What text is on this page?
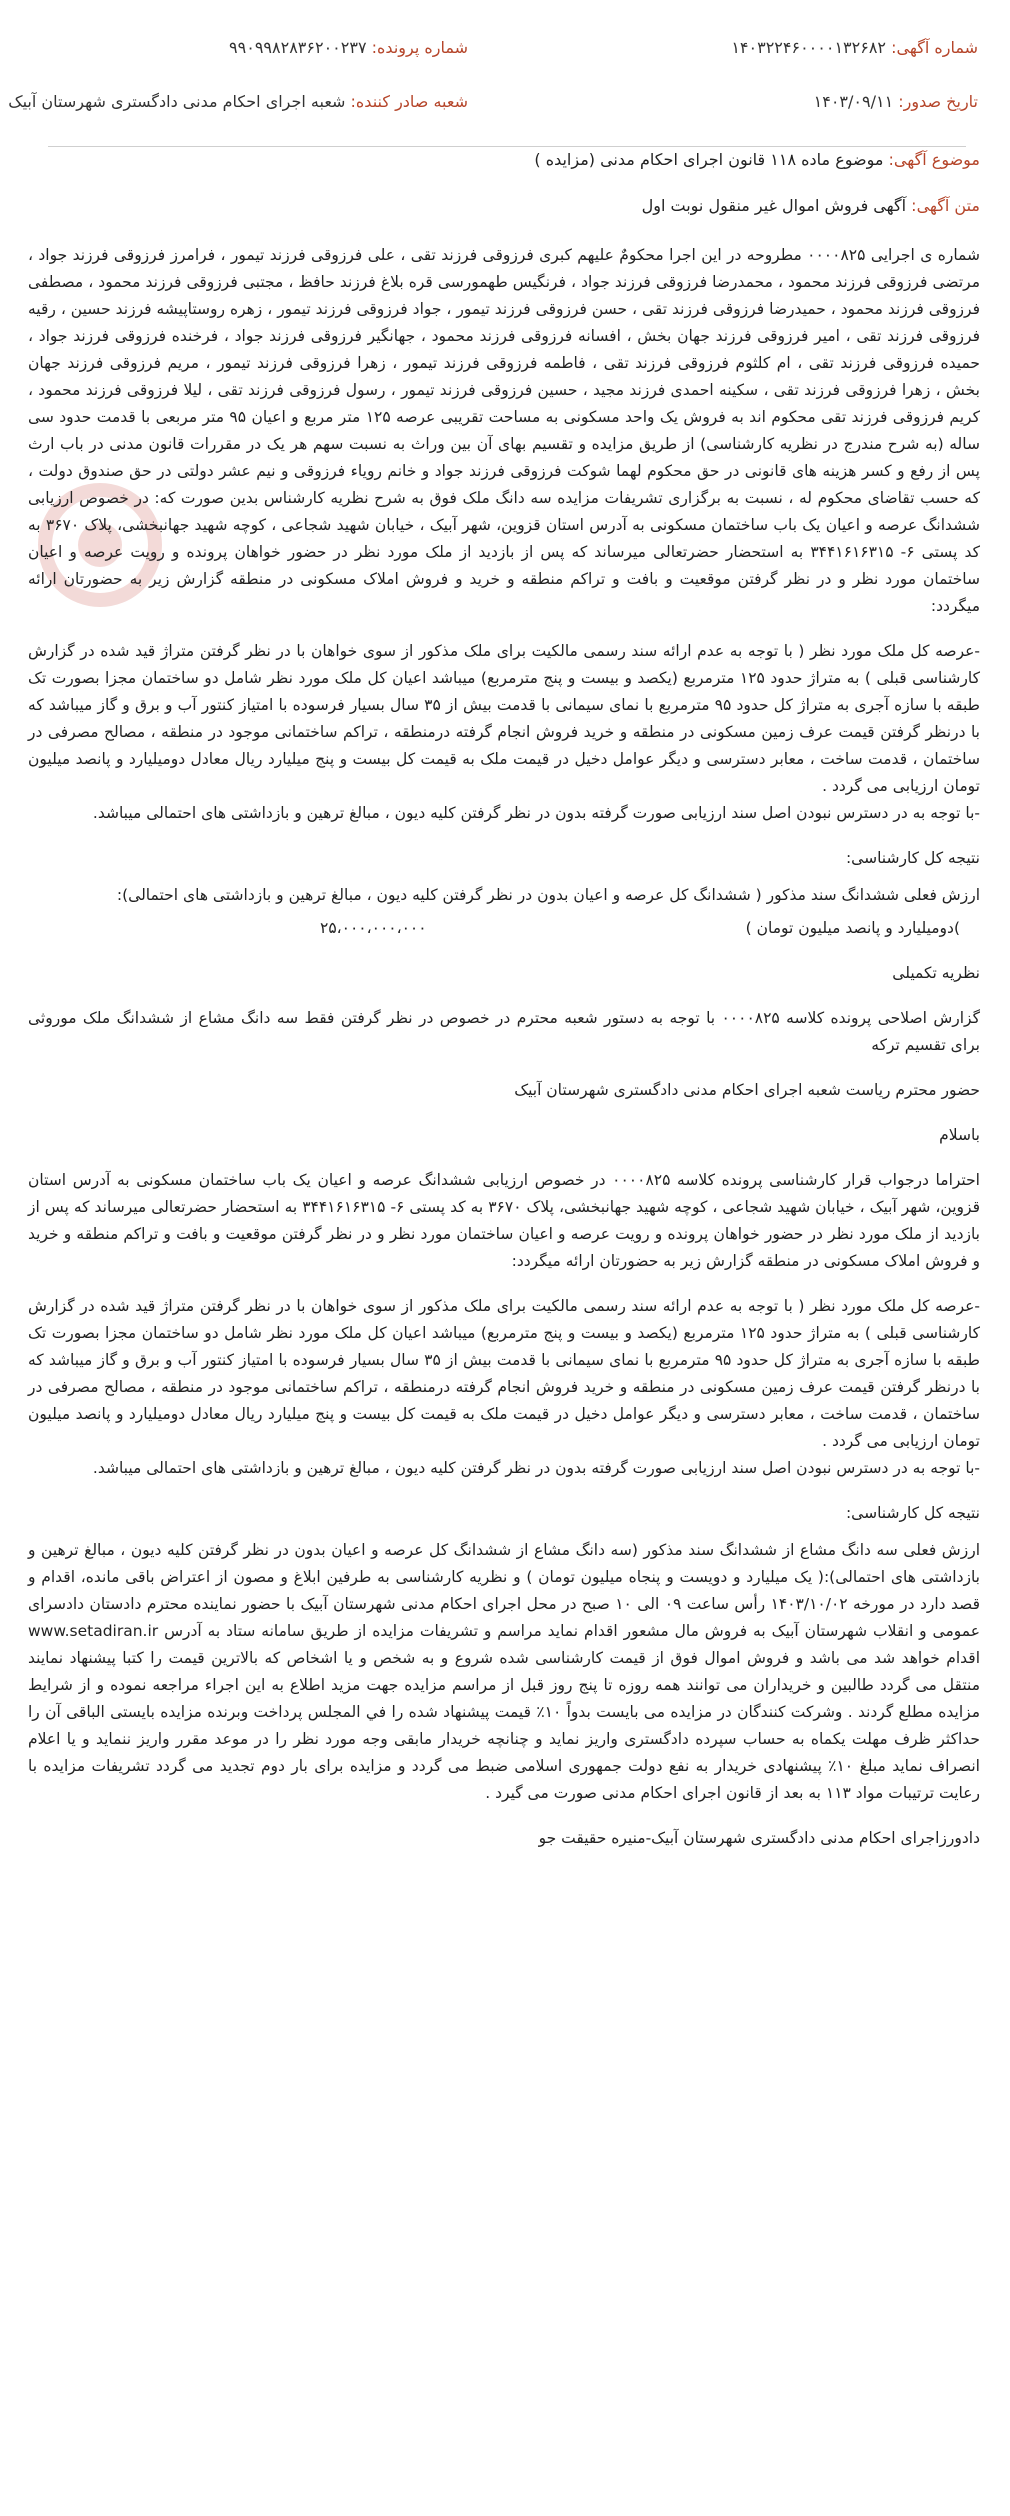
شماره آگهی: ۱۴۰۳۲۲۴۶۰۰۰۰۱۳۲۶۸۲
شماره پرونده: ۹۹۰۹۹۸۲۸۳۶۲۰۰۲۳۷
تاریخ صدور: ۱۴۰۳/۰۹/۱۱
شعبه صادر کننده: شعبه اجرای احکام مدنی دادگستری شهرستان آبیک
موضوع آگهی: موضوع ماده ۱۱۸ قانون اجرای احکام مدنی (مزایده )
متن آگهی: آگهی فروش اموال غیر منقول نوبت اول

شماره ی اجرایی ۰۰۰۰۸۲۵ مطروحه در این اجرا محکومٌ علیهم کبری فرزوقی فرزند تقی ، علی فرزوقی فرزند تیمور ، فرامرز فرزوقی فرزند جواد ، مرتضی فرزوقی فرزند محمود ، محمدرضا فرزوقی فرزند جواد ، فرنگیس طهمورسی قره بلاغ فرزند حافظ ، مجتبی فرزوقی فرزند محمود ، مصطفی فرزوقی فرزند محمود ، حمیدرضا فرزوقی فرزند تقی ، حسن فرزوقی فرزند تیمور ، جواد فرزوقی فرزند تیمور ، زهره روستاپیشه فرزند حسین ، رقیه فرزوقی فرزند تقی ، امیر فرزوقی فرزند جهان بخش ، افسانه فرزوقی فرزند محمود ، جهانگیر فرزوقی فرزند جواد ، فرخنده فرزوقی فرزند جواد ، حمیده فرزوقی فرزند تقی ، ام کلثوم فرزوقی فرزند تقی ، فاطمه فرزوقی فرزند تیمور ، زهرا فرزوقی فرزند تیمور ، مریم فرزوقی فرزند جهان بخش ، زهرا فرزوقی فرزند تقی ، سکینه احمدی فرزند مجید ، حسین فرزوقی فرزند تیمور ، رسول فرزوقی فرزند تقی ، لیلا فرزوقی فرزند محمود ، کریم فرزوقی فرزند تقی محکوم اند به فروش یک واحد مسکونی به مساحت تقریبی عرصه ۱۲۵ متر مربع و اعیان ۹۵ متر مربعی با قدمت حدود سی ساله (به شرح مندرج در نظریه کارشناسی) از طریق مزایده و تقسیم بهای آن بین وراث به نسبت سهم هر یک در مقررات قانون مدنی در باب ارث پس از رفع و کسر هزینه های قانونی در حق محکوم لهما شوکت فرزوقی فرزند جواد و خانم رویاء فرزوقی و نیم عشر دولتی در حق صندوق دولت ، که حسب تقاضای محکوم له ، نسبت به برگزاری تشریفات مزایده سه دانگ ملک فوق به شرح نظریه کارشناس بدین صورت که: در خصوص ارزیابی ششدانگ عرصه و اعیان یک باب ساختمان مسکونی به آدرس استان قزوین، شهر آبیک ، خیابان شهید شجاعی ، کوچه شهید جهانبخشی، پلاک ۳۶۷۰ به کد پستی ۶- ۳۴۴۱۶۱۶۳۱۵ به استحضار حضرتعالی میرساند که پس از بازدید از ملک مورد نظر در حضور خواهان پرونده و رویت عرصه و اعیان ساختمان مورد نظر و در نظر گرفتن موقعیت و بافت و تراکم منطقه و خرید و فروش املاک مسکونی در منطقه گزارش زیر به حضورتان ارائه میگردد:

-عرصه کل ملک مورد نظر ( با توجه به عدم ارائه سند رسمی مالکیت برای ملک مذکور از سوی خواهان با در نظر گرفتن متراژ قید شده در گزارش کارشناسی قبلی ) به متراژ حدود ۱۲۵ مترمربع (یکصد و بیست و پنج مترمربع) میباشد اعیان کل ملک مورد نظر شامل دو ساختمان مجزا بصورت تک طبقه با سازه آجری به متراژ کل حدود ۹۵ مترمربع با نمای سیمانی با قدمت بیش از ۳۵ سال بسیار فرسوده با امتیاز کنتور آب و برق و گاز میباشد که با درنظر گرفتن قیمت عرف زمین مسکونی در منطقه و خرید فروش انجام گرفته درمنطقه ، تراکم ساختمانی موجود در منطقه ، مصالح مصرفی در ساختمان ، قدمت ساخت ، معابر دسترسی و دیگر عوامل دخیل در قیمت ملک به قیمت کل بیست و پنج میلیارد ریال معادل دومیلیارد و پانصد میلیون تومان ارزیابی می گردد .

-با توجه به در دسترس نبودن اصل سند ارزیابی صورت گرفته بدون در نظر گرفتن کلیه دیون ، مبالغ ترهین و بازداشتی های احتمالی میباشد.

نتیجه کل کارشناسی:

ارزش فعلی ششدانگ سند مذکور ( ششدانگ کل عرصه و اعیان بدون در نظر گرفتن کلیه دیون ، مبالغ ترهین و بازداشتی های احتمالی):

)دومیلیارد و پانصد میلیون تومان )
۲۵،۰۰۰،۰۰۰،۰۰۰

نظریه تکمیلی

گزارش اصلاحی پرونده کلاسه ۰۰۰۰۸۲۵ با توجه به دستور شعبه محترم در خصوص در نظر گرفتن فقط سه دانگ مشاع از ششدانگ ملک موروثی برای تقسیم ترکه

حضور محترم ریاست شعبه اجرای احکام مدنی دادگستری شهرستان آبیک

باسلام

احتراما درجواب قرار کارشناسی پرونده کلاسه ۰۰۰۰۸۲۵ در خصوص ارزیابی ششدانگ عرصه و اعیان یک باب ساختمان مسکونی به آدرس استان قزوین، شهر آبیک ، خیابان شهید شجاعی ، کوچه شهید جهانبخشی، پلاک ۳۶۷۰ به کد پستی ۶- ۳۴۴۱۶۱۶۳۱۵ به استحضار حضرتعالی میرساند که پس از بازدید از ملک مورد نظر در حضور خواهان پرونده و رویت عرصه و اعیان ساختمان مورد نظر و در نظر گرفتن موقعیت و بافت و تراکم منطقه و خرید و فروش املاک مسکونی در منطقه گزارش زیر به حضورتان ارائه میگردد:

-عرصه کل ملک مورد نظر ( با توجه به عدم ارائه سند رسمی مالکیت برای ملک مذکور از سوی خواهان با در نظر گرفتن متراژ قید شده در گزارش کارشناسی قبلی ) به متراژ حدود ۱۲۵ مترمربع (یکصد و بیست و پنج مترمربع) میباشد اعیان کل ملک مورد نظر شامل دو ساختمان مجزا بصورت تک طبقه با سازه آجری به متراژ کل حدود ۹۵ مترمربع با نمای سیمانی با قدمت بیش از ۳۵ سال بسیار فرسوده با امتیاز کنتور آب و برق و گاز میباشد که با درنظر گرفتن قیمت عرف زمین مسکونی در منطقه و خرید فروش انجام گرفته درمنطقه ، تراکم ساختمانی موجود در منطقه ، مصالح مصرفی در ساختمان ، قدمت ساخت ، معابر دسترسی و دیگر عوامل دخیل در قیمت ملک به قیمت کل بیست و پنج میلیارد ریال معادل دومیلیارد و پانصد میلیون تومان ارزیابی می گردد .

-با توجه به در دسترس نبودن اصل سند ارزیابی صورت گرفته بدون در نظر گرفتن کلیه دیون ، مبالغ ترهین و بازداشتی های احتمالی میباشد.

نتیجه کل کارشناسی:

ارزش فعلی سه دانگ مشاع از ششدانگ سند مذکور (سه دانگ مشاع از ششدانگ کل عرصه و اعیان بدون در نظر گرفتن کلیه دیون ، مبالغ ترهین و بازداشتی های احتمالی):( یک میلیارد و دویست و پنجاه میلیون تومان ) و نظریه کارشناسی به طرفین ابلاغ و مصون از اعتراض باقی مانده، اقدام و قصد دارد در مورخه ۱۴۰۳/۱۰/۰۲ رأس ساعت ۰۹ الی ۱۰ صبح در محل اجرای احکام مدنی شهرستان آبیک با حضور نماینده محترم دادستان دادسرای عمومی و انقلاب شهرستان آبیک به فروش مال مشعور اقدام نماید مراسم و تشریفات مزایده از طریق سامانه ستاد به آدرس www.setadiran.ir اقدام خواهد شد می باشد و فروش اموال فوق از قیمت کارشناسی شده شروع و به شخص و یا اشخاص که بالاترین قیمت را کتبا پیشنهاد نمایند منتقل می گردد طالبین و خریداران می توانند همه روزه تا پنج روز قبل از مراسم مزایده جهت مزید اطلاع به این اجراء مراجعه نموده و از شرایط مزایده مطلع گردند . وشرکت کنندگان در مزایده می بایست بدواً ۱۰٪ قیمت پیشنهاد شده را في المجلس پرداخت وبرنده مزایده بایستی الباقی آن را حداکثر ظرف مهلت یکماه به حساب سپرده دادگستری واریز نماید و چنانچه خریدار مابقی وجه مورد نظر را در موعد مقرر واریز ننماید و یا اعلام انصراف نماید مبلغ ۱۰٪ پیشنهادی خریدار به نفع دولت جمهوری اسلامی ضبط می گردد و مزایده برای بار دوم تجدید می گردد تشریفات مزایده با رعایت ترتیبات مواد ۱۱۳ به بعد از قانون اجرای احکام مدنی صورت می گیرد .

دادورزاجرای احکام مدنی دادگستری شهرستان آبیک-منیره حقیقت جو
